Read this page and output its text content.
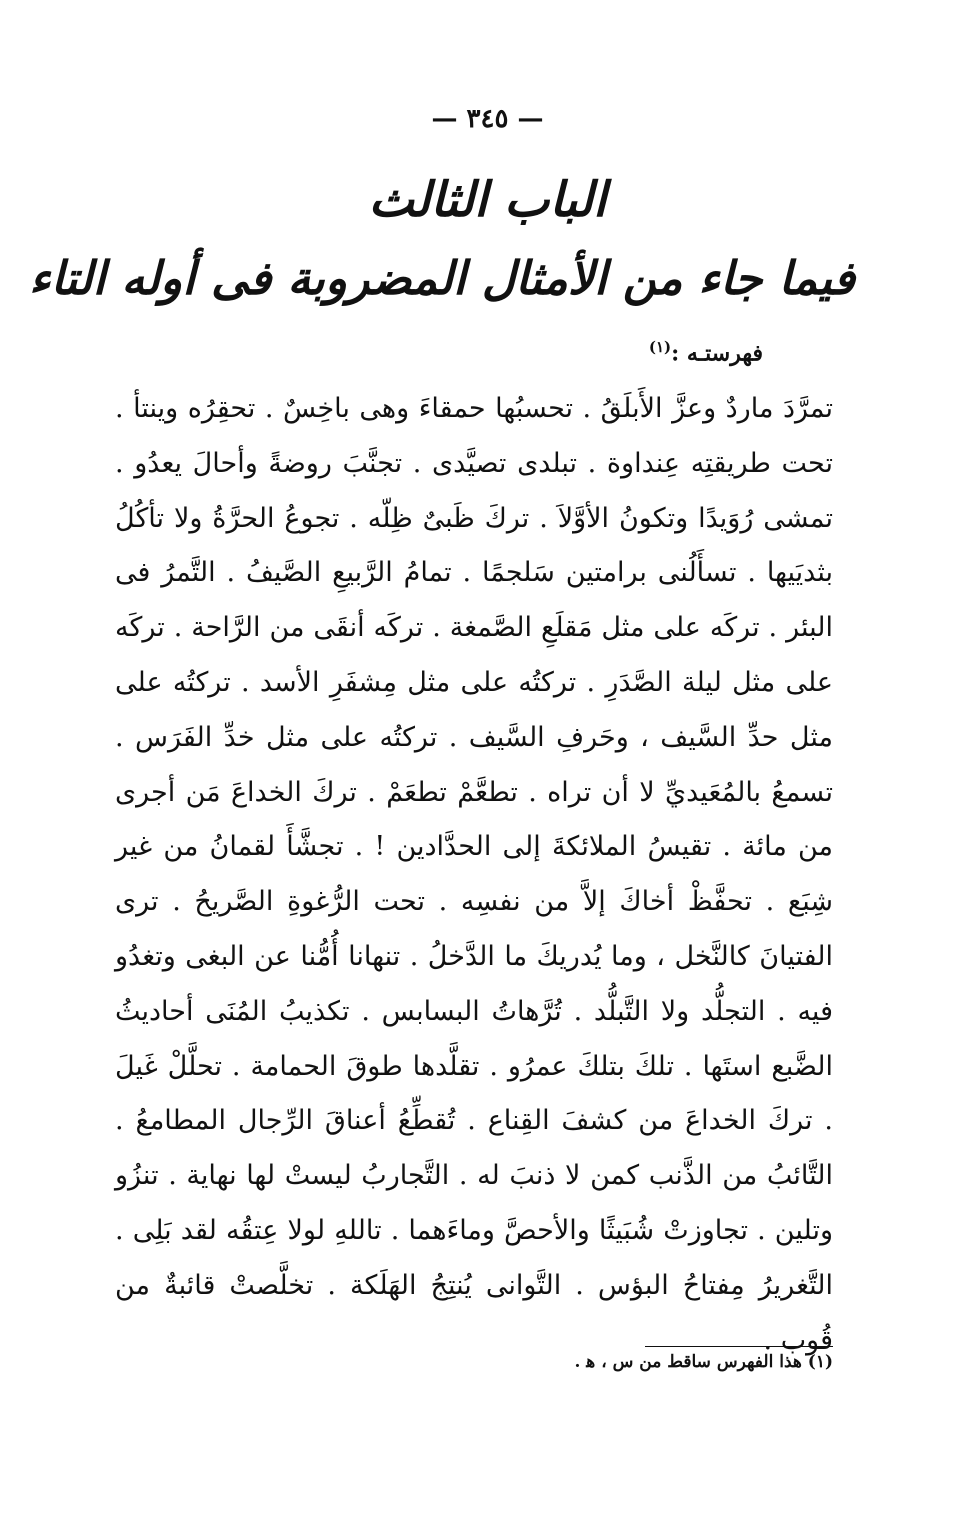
— ٣٤٥ —
الباب الثالث
فيما جاء من الأمثال المضروبة فى أوله التاء
فهرستـه :$^{(١)}$

تمرَّدَ ماردٌ وعزَّ الأَبلَقُ . تحسبُها حمقاءَ وهى باخِسٌ . تحقِرُه وينتأ . تحت طريقتِه عِنداوة . تبلدى تصيَّدى . تجنَّبَ روضةً وأحالَ يعدُو . تمشى رُوَيدًا وتكونُ الأوَّلاَ . تركَ ظَبىٌ ظِلّه . تجوعُ الحرَّةُ ولا تأكُلُ بثديَيها . تسأَلُنى برامتين سَلجمًا . تمامُ الرَّبيعِ الصَّيفُ . التَّمرُ فى البئر . تركَه على مثل مَقلَعِ الصَّمغة . تركَه أنقَى من الرَّاحة . تركَه على مثل ليلة الصَّدَرِ . تركتُه على مثل مِشفَرِ الأسد . تركتُه على مثل حدِّ السَّيف ، وحَرفِ السَّيف . تركتُه على مثل خدِّ الفَرَس . تسمعُ بالمُعَيديِّ لا أن تراه . تطعَّمْ تطعَمْ . تركَ الخداعَ مَن أجرى من مائة . تقيسُ الملائكةَ إلى الحدَّادين ! . تجشَّأَ لقمانُ من غير شِبَع . تحفَّظْ أخاكَ إلاَّ من نفسِه . تحت الرُّغوةِ الصَّريحُ . ترى الفتيانَ كالنَّخل ، وما يُدريكَ ما الدَّخلُ . تنهانا أُمُّنا عن البغى وتغدُو فيه . التجلُّد ولا التَّبلُّد . تُرَّهاتُ البسابس . تكذيبُ المُنَى أحاديثُ الضَّبع استَها . تلكَ بتلكَ عمرُو . تقلَّدها طوقَ الحمامة . تحلَّلْ غَيلَ . تركَ الخداعَ من كشفَ القِناع . تُقطِّعُ أعناقَ الرِّجال المطامعُ . التَّائبُ من الذَّنب كمن لا ذنبَ له . التَّجاربُ ليستْ لها نهاية . تنزُو وتلين . تجاوزتْ شُبَيثًا والأحصَّ وماءَهما . تاللهِ لولا عِتقُه لقد بَلِى . التَّغريرُ مِفتاحُ البؤس . التَّوانى يُنتِجُ الهَلَكة . تخلَّصتْ قائبةٌ من قُوب .

(١) هذا الفهرس ساقط من س ، ﻫ .
